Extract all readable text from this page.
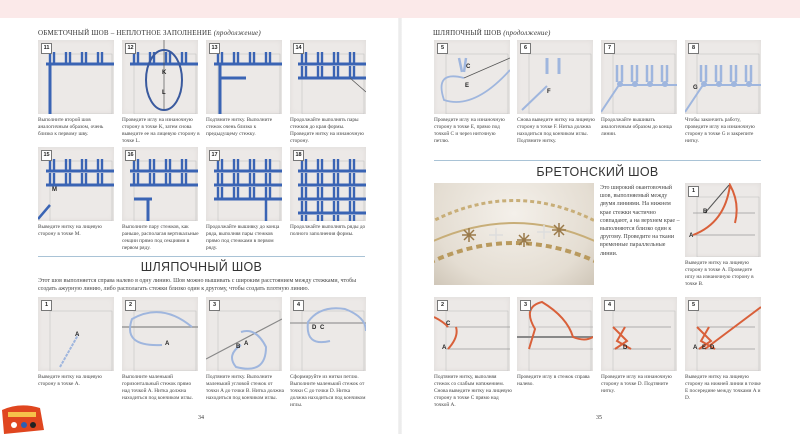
ОБМЕТОЧНЫЙ ШОВ – НЕПЛОТНОЕ ЗАПОЛНЕНИЕ (продолжение)
11
Выполните второй шов аналогичным образом, очень близко к первому шву.
12
K
L
Проведите иглу на изнаночную сторону в точке K, затем снова выведите ее на лицевую сторону в точке L.
13
Подтяните нитку. Выполните стежок очень близко к предыдущему стежку.
14
Продолжайте выполнять пары стежков до края формы. Проведите нитку на изнаночную сторону.
15
M
Выведите нитку на лицевую сторону в точке M.
16
Выполните пару стежков, как раньше, располагая вертикальные секции прямо под секциями в первом ряду.
17
Продолжайте вышивку до конца ряда, выполняя пары стежков прямо под стежками в первом ряду.
18
Продолжайте выполнять ряды до полного заполнения формы.
ШЛЯПОЧНЫЙ ШОВ
Этот шов выполняется справа налево в одну линию. Шов можно вышивать с широким расстоянием между стежками, чтобы создать ажурную линию, либо располагать стежки близко один к другому, чтобы создать плотную линию.
1
A
Выведите нитку на лицевую сторону в точке A.
2
A
Выполните маленький горизонтальный стежок прямо над точкой A. Нитка должна находиться под кончиком иглы.
3
B A
Подтяните нитку. Выполните маленький угловой стежок от точки A до точки B. Нитка должна находиться под кончиком иглы.
4
D C
Сформируйте из нитки петлю. Выполните маленький стежок от точки C до точки D. Нитка должна находиться под кончиком иглы.
34
ШЛЯПОЧНЫЙ ШОВ (продолжение)
5
C
E
Проведите иглу на изнаночную сторону в точке E, прямо под точкой C и через ниточную петлю.
6
F
Снова выведите нитку на лицевую сторону в точке F. Нитка должна находиться под кончиком иглы. Подтяните нитку.
7
Продолжайте вышивать аналогичным образом до конца линии.
8
G
Чтобы закончить работу, проведите иглу на изнаночную сторону в точке G и закрепите нитку.
БРЕТОНСКИЙ ШОВ
Это широкий окантовочный шов, выполняемый между двумя линиями. На нижнем крае стежки частично совпадают, а на верхнем крае – выполняются близко один к другому. Проведите на ткани временные параллельные линии.
1
B
A
Выведите нитку на лицевую сторону в точке A. Проведите иглу на изнаночную сторону в точке B.
2
C
A
Подтяните нитку, выполняя стежок со слабым натяжением. Снова выведите нитку на лицевую сторону в точке C прямо над точкой A.
3
Проведите иглу в стежок справа налево.
4
D
Проведите иглу на изнаночную сторону в точке D. Подтяните нитку.
5
A E D
Выведите нитку на лицевую сторону на нижней линии в точке E посередине между точками A и D.
35
